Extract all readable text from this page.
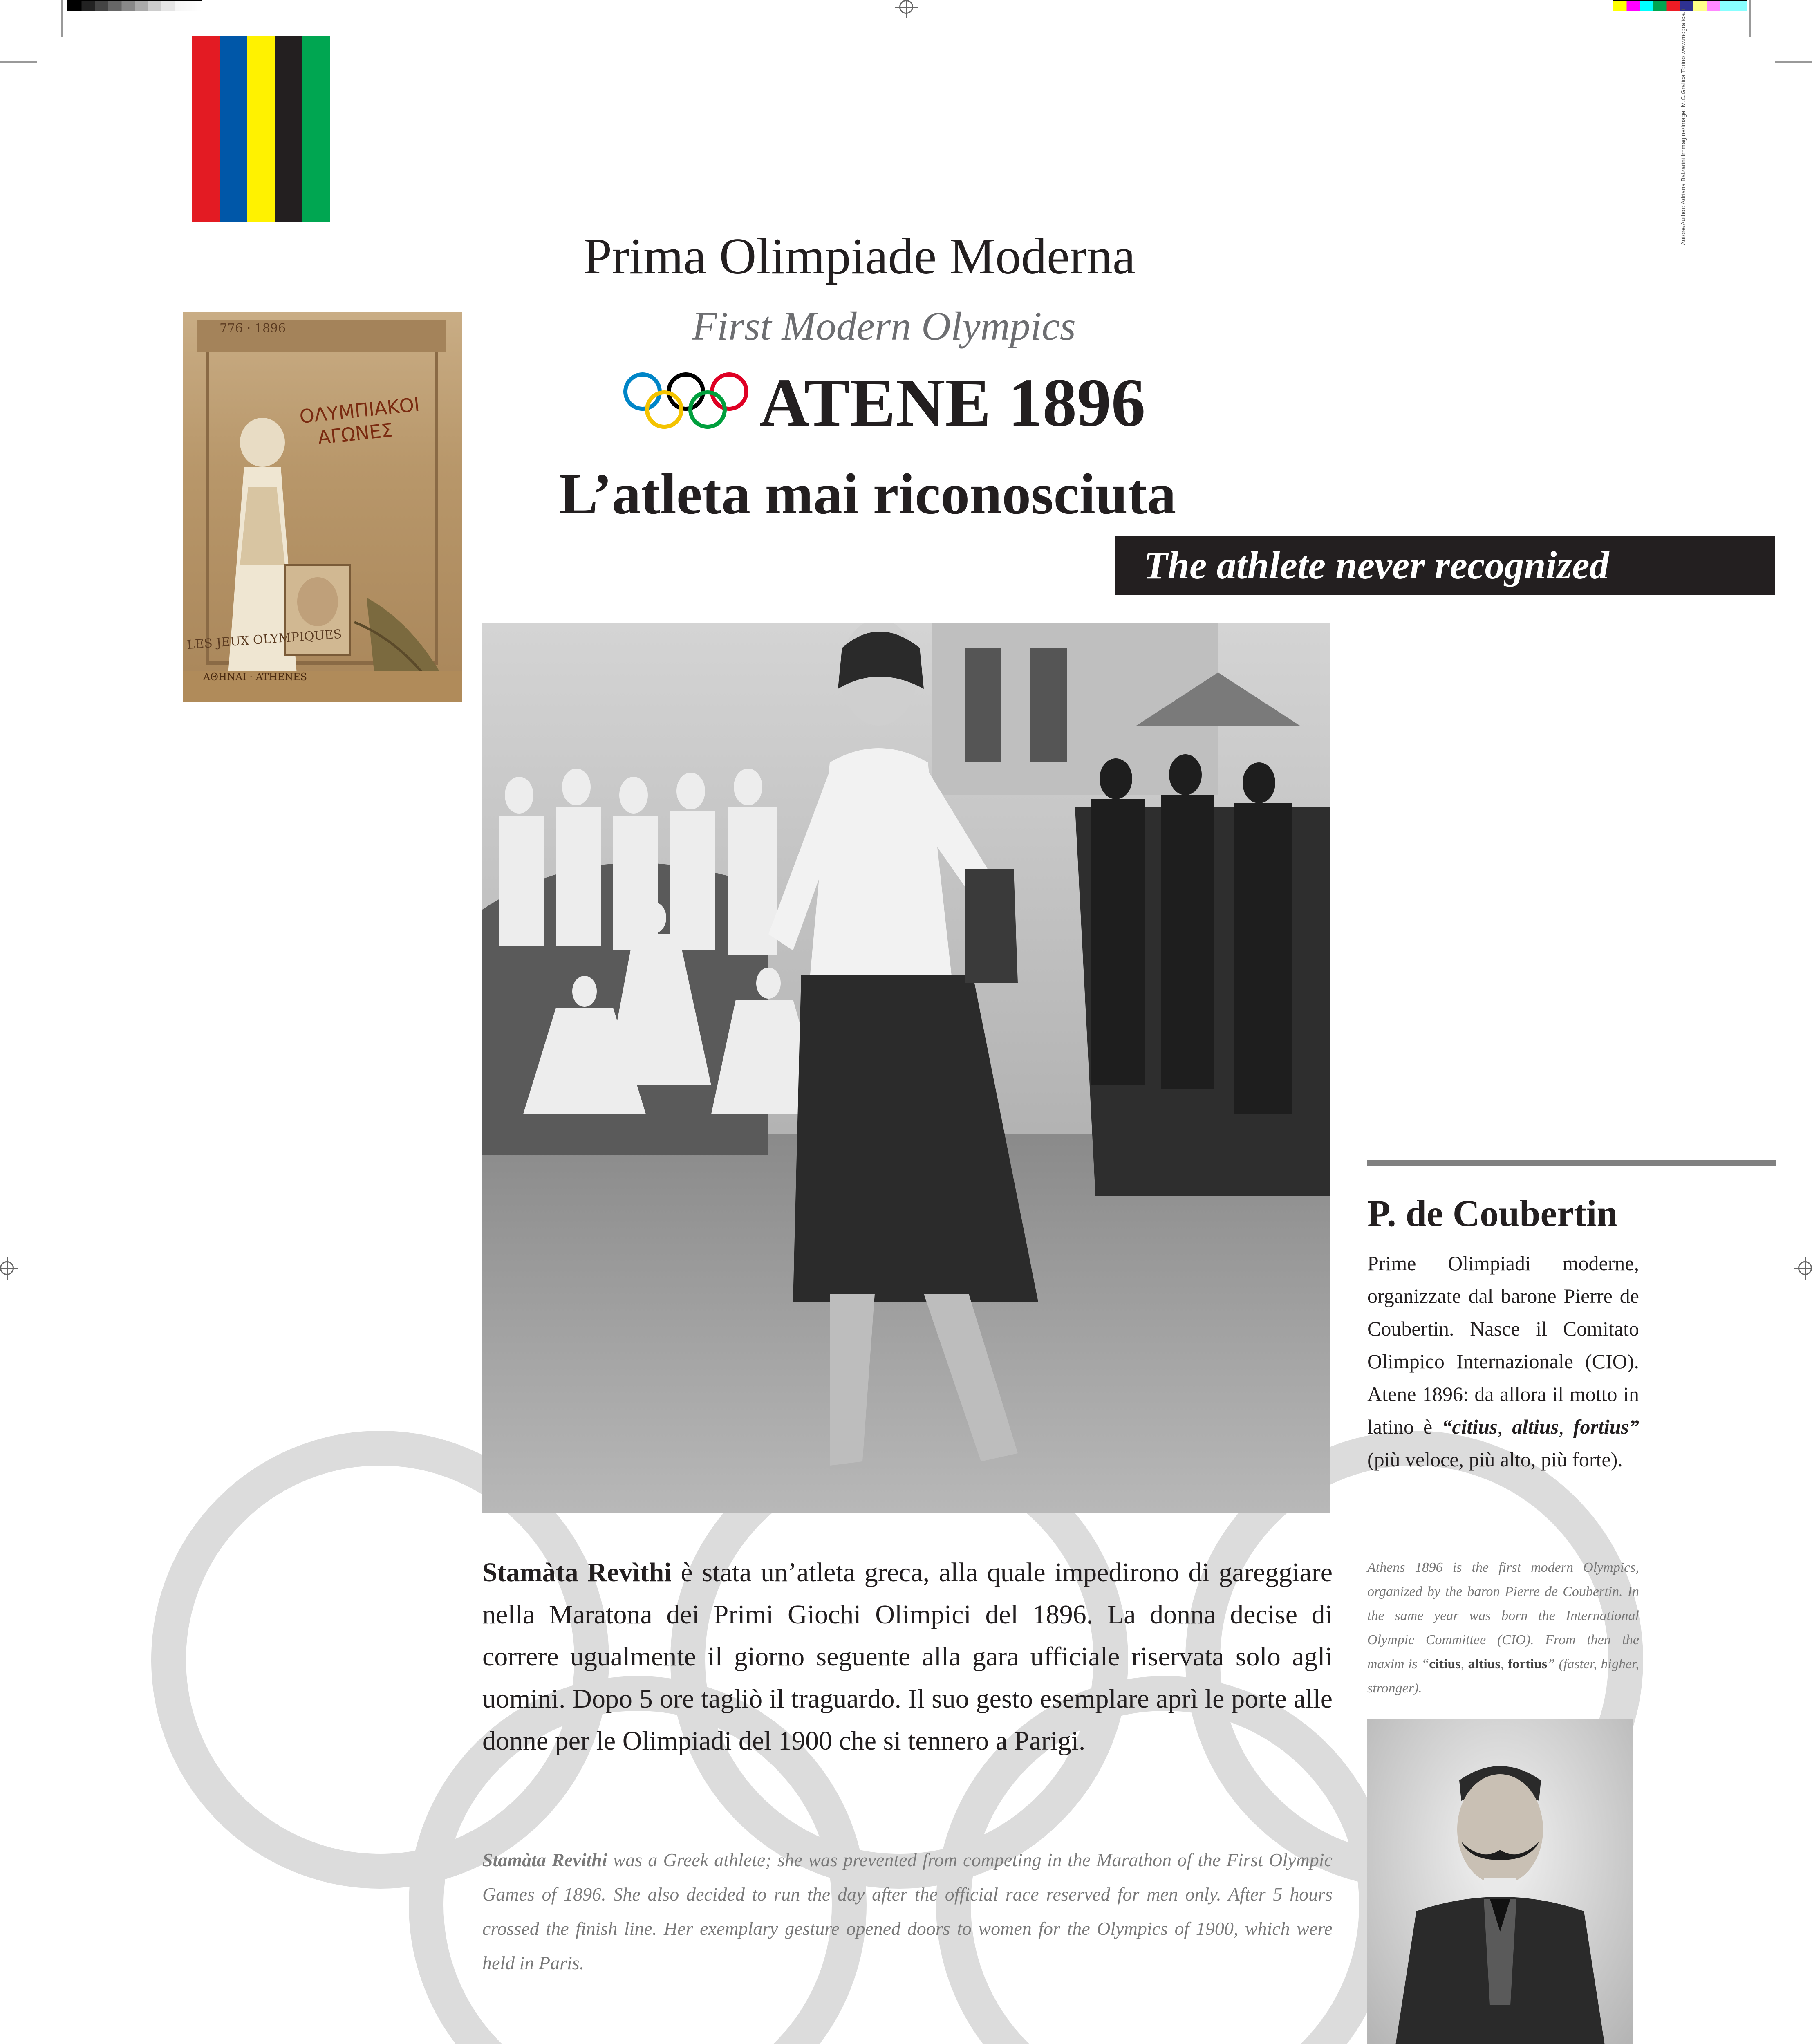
Autore/Author: Adriana Balzarini Immagine/Image: M.C.Grafica Torino www.mcgrafica.it
776 · 1896
ΟΛΥΜΠΙΑΚΟΙ
ΑΓΩΝΕΣ
LES JEUX OLYMPIQUES
ΑΘΗΝΑΙ · ATHENES
Prima Olimpiade Moderna
First Modern Olympics
ATENE 1896
L’atleta mai riconosciuta
The athlete never recognized
Stamàta Revìthi è stata un’atleta greca, alla quale impedirono di gareggiare nella Maratona dei Primi Giochi Olimpici del 1896. La donna decise di correre ugualmente il giorno seguente alla gara ufficiale riservata solo agli uomini. Dopo 5 ore tagliò il traguardo. Il suo gesto esemplare aprì le porte alle donne per le Olimpiadi del 1900 che si tennero a Parigi.
Stamàta Revithi was a Greek athlete; she was prevented from competing in the Marathon of the First Olympic Games of 1896. She also decided to run the day after the official race reserved for men only. After 5 hours crossed the finish line. Her exemplary gesture opened doors to women for the Olympics of 1900, which were held in Paris.
P. de Coubertin
Prime Olimpiadi moderne, organizzate dal barone Pierre de Coubertin. Nasce il Comitato Olimpico Internazionale (CIO). Atene 1896: da allora il motto in latino è “citius, altius, fortius” (più veloce, più alto, più forte).
Athens 1896 is the first modern Olympics, organized by the baron Pierre de Coubertin. In the same year was born the International Olympic Committee (CIO). From then the maxim is “citius, altius, fortius” (faster, higher, stronger).
